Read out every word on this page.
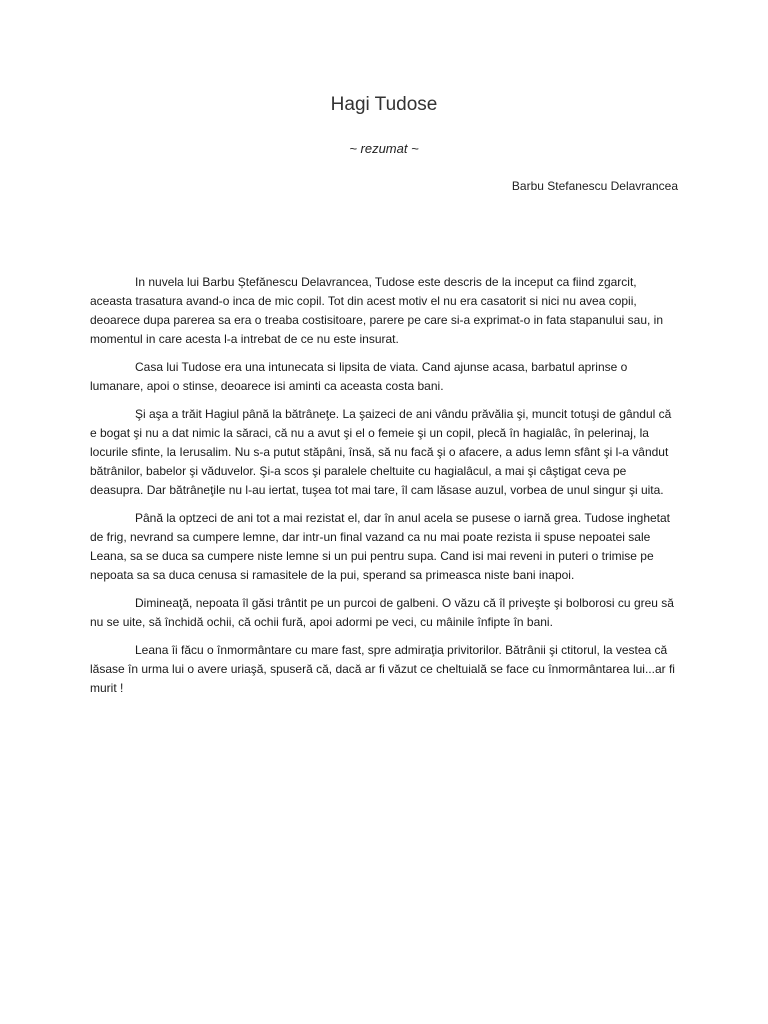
Hagi Tudose

~ rezumat ~

Barbu Stefanescu Delavrancea

In nuvela lui Barbu Ștefănescu Delavrancea, Tudose este descris de la inceput ca fiind zgarcit, aceasta trasatura avand-o inca de mic copil. Tot din acest motiv el nu era casatorit si nici nu avea copii, deoarece dupa parerea sa era o treaba costisitoare, parere pe care si-a exprimat-o in fata stapanului sau, in momentul in care acesta l-a intrebat de ce nu este insurat.

Casa lui Tudose era una intunecata si lipsita de viata. Cand ajunse acasa, barbatul aprinse o lumanare, apoi o stinse, deoarece isi aminti ca aceasta costa bani.

Şi aşa a trăit Hagiul până la bătrâneţe. La şaizeci de ani vându prăvălia şi, muncit totuşi de gândul că e bogat şi nu a dat nimic la săraci, că nu a avut şi el o femeie şi un copil, plecă în hagialâc, în pelerinaj, la locurile sfinte, la Ierusalim. Nu s-a putut stăpâni, însă, să nu facă şi o afacere, a adus lemn sfânt şi l-a vândut bătrânilor, babelor şi văduvelor. Şi-a scos şi paralele cheltuite cu hagialâcul, a mai şi câştigat ceva pe deasupra. Dar bătrâneţile nu l-au iertat, tuşea tot mai tare, îl cam lăsase auzul, vorbea de unul singur şi uita.

Până la optzeci de ani tot a mai rezistat el, dar în anul acela se pusese o iarnă grea. Tudose inghetat de frig, nevrand sa cumpere lemne, dar intr-un final vazand ca nu mai poate rezista ii spuse nepoatei sale Leana, sa se duca sa cumpere niste lemne si un pui pentru supa. Cand isi mai reveni in puteri o trimise pe nepoata sa sa duca cenusa si ramasitele de la pui, sperand sa primeasca niste bani inapoi.

Dimineaţă, nepoata îl găsi trântit pe un purcoi de galbeni. O văzu că îl priveşte şi bolborosi cu greu să nu se uite, să închidă ochii, că ochii fură, apoi adormi pe veci, cu mâinile înfipte în bani.

Leana îi făcu o înmormântare cu mare fast, spre admiraţia privitorilor. Bătrânii şi ctitorul, la vestea că lăsase în urma lui o avere uriaşă, spuseră că, dacă ar fi văzut ce cheltuială se face cu înmormântarea lui...ar fi murit !
